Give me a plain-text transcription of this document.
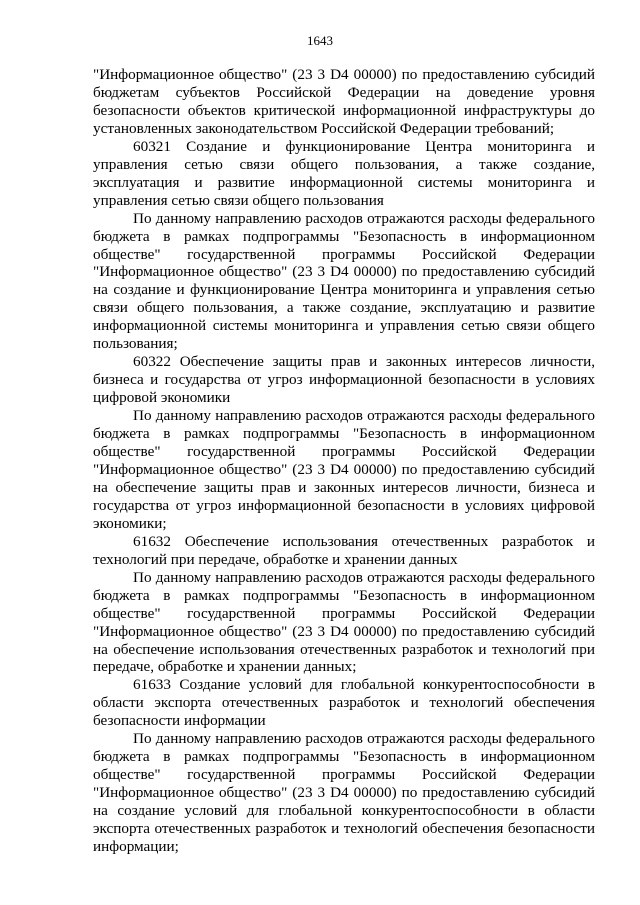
1643

"Информационное общество" (23 3 D4 00000) по предоставлению субсидий бюджетам субъектов Российской Федерации на доведение уровня безопасности объектов критической информационной инфраструктуры до установленных законодательством Российской Федерации требований;

60321 Создание и функционирование Центра мониторинга и управления сетью связи общего пользования, а также создание, эксплуатация и развитие информационной системы мониторинга и управления сетью связи общего пользования

По данному направлению расходов отражаются расходы федерального бюджета в рамках подпрограммы "Безопасность в информационном обществе" государственной программы Российской Федерации "Информационное общество" (23 3 D4 00000) по предоставлению субсидий на создание и функционирование Центра мониторинга и управления сетью связи общего пользования, а также создание, эксплуатацию и развитие информационной системы мониторинга и управления сетью связи общего пользования;

60322 Обеспечение защиты прав и законных интересов личности, бизнеса и государства от угроз информационной безопасности в условиях цифровой экономики

По данному направлению расходов отражаются расходы федерального бюджета в рамках подпрограммы "Безопасность в информационном обществе" государственной программы Российской Федерации "Информационное общество" (23 3 D4 00000) по предоставлению субсидий на обеспечение защиты прав и законных интересов личности, бизнеса и государства от угроз информационной безопасности в условиях цифровой экономики;

61632 Обеспечение использования отечественных разработок и технологий при передаче, обработке и хранении данных

По данному направлению расходов отражаются расходы федерального бюджета в рамках подпрограммы "Безопасность в информационном обществе" государственной программы Российской Федерации "Информационное общество" (23 3 D4 00000) по предоставлению субсидий на обеспечение использования отечественных разработок и технологий при передаче, обработке и хранении данных;

61633 Создание условий для глобальной конкурентоспособности в области экспорта отечественных разработок и технологий обеспечения безопасности информации

По данному направлению расходов отражаются расходы федерального бюджета в рамках подпрограммы "Безопасность в информационном обществе" государственной программы Российской Федерации "Информационное общество" (23 3 D4 00000) по предоставлению субсидий на создание условий для глобальной конкурентоспособности в области экспорта отечественных разработок и технологий обеспечения безопасности информации;
